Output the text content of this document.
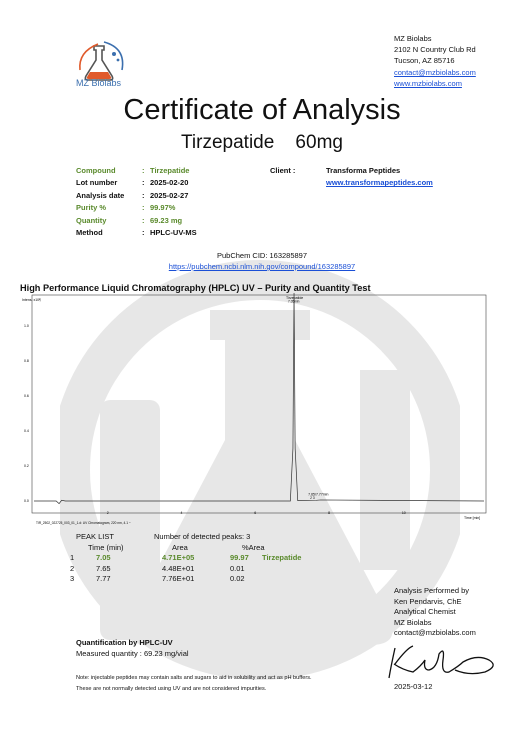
MZ Biolabs
MZ Biolabs
2102 N Country Club Rd
Tucson, AZ 85716
contact@mzbiolabs.com
www.mzbiolabs.com
Certificate of Analysis
Tirzepatide    60mg
Compound	: Tirzepatide
Lot number	: 2025-02-20
Analysis date	: 2025-02-27
Purity %	: 99.97%
Quantity	: 69.23 mg
Method	: HPLC-UV-MS
Client :	Transforma Peptides
www.transformapeptides.com
PubChem CID: 163285897
https://pubchem.ncbi.nlm.nih.gov/compound/163285897
High Performance Liquid Chromatography (HPLC) UV – Purity and Quantity Test
Intens. x10¶
Time [min]
TIR_2502_022725_003_01_1.d: UV Chromatogram, 220 nm, 4.1 ~
0.0
0.2
0.4
0.6
0.8
1.0
2	4	6	8	10
Tirzepatide
7.05min
7.65/7.77min
2 3
PEAK LIST	Number of detected peaks: 3
Time (min)	Area	%Area
1	7.05	4.71E+05	99.97	Tirzepatide
2	7.65	4.48E+01	0.01
3	7.77	7.76E+01	0.02
Analysis Performed by
Ken Pendarvis, ChE
Analytical Chemist
MZ Biolabs
contact@mzbiolabs.com
2025-03-12
Quantification by HPLC-UV
Measured quantity : 69.23 mg/vial
Note: injectable peptides may contain salts and sugars to aid in solubility and act as pH buffers.
These are not normally detected using UV and are not considered impurities.
